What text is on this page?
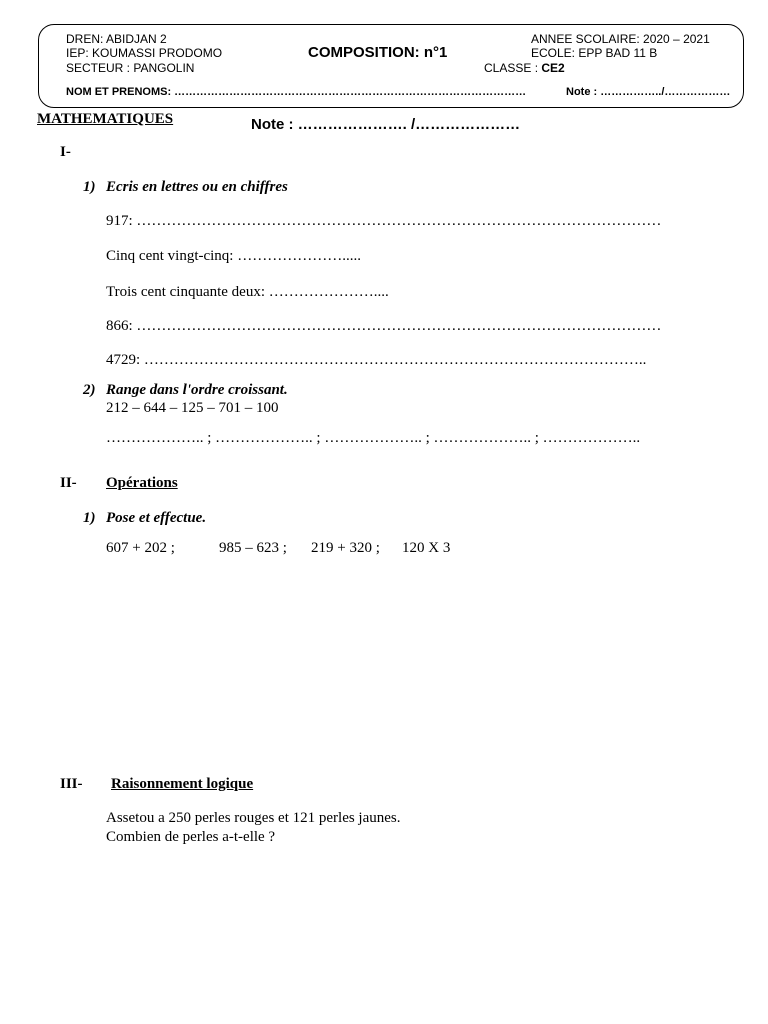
DREN: ABIDJAN 2
IEP: KOUMASSI PRODOMO
SECTEUR : PANGOLIN
COMPOSITION: n°1
ANNEE SCOLAIRE: 2020 – 2021
ECOLE: EPP BAD 11 B
CLASSE : CE2
NOM ET PRENOMS: ……………………………………………………………………………………	Note : ……………../………………
MATHEMATIQUES	Note : …………………. /…………………
I-
1) Ecris en lettres ou en chiffres
917: ……………………………………………………………………………………………
Cinq cent vingt-cinq: ………………….....
Trois cent cinquante deux: …………………....
866: ……………………………………………………………………………………………
4729: ………………………………………………………………………………………..
2) Range dans l'ordre croissant.
212 – 644 – 125 – 701 – 100
……………….. ; ……………….. ; ……………….. ; ……………….. ; ………………..
II- Opérations
1) Pose et effectue.
607 + 202 ;	985 – 623 ; 219 + 320 ; 120 X 3
III- Raisonnement logique
Assetou a 250 perles rouges et 121 perles jaunes.
Combien de perles a-t-elle ?
